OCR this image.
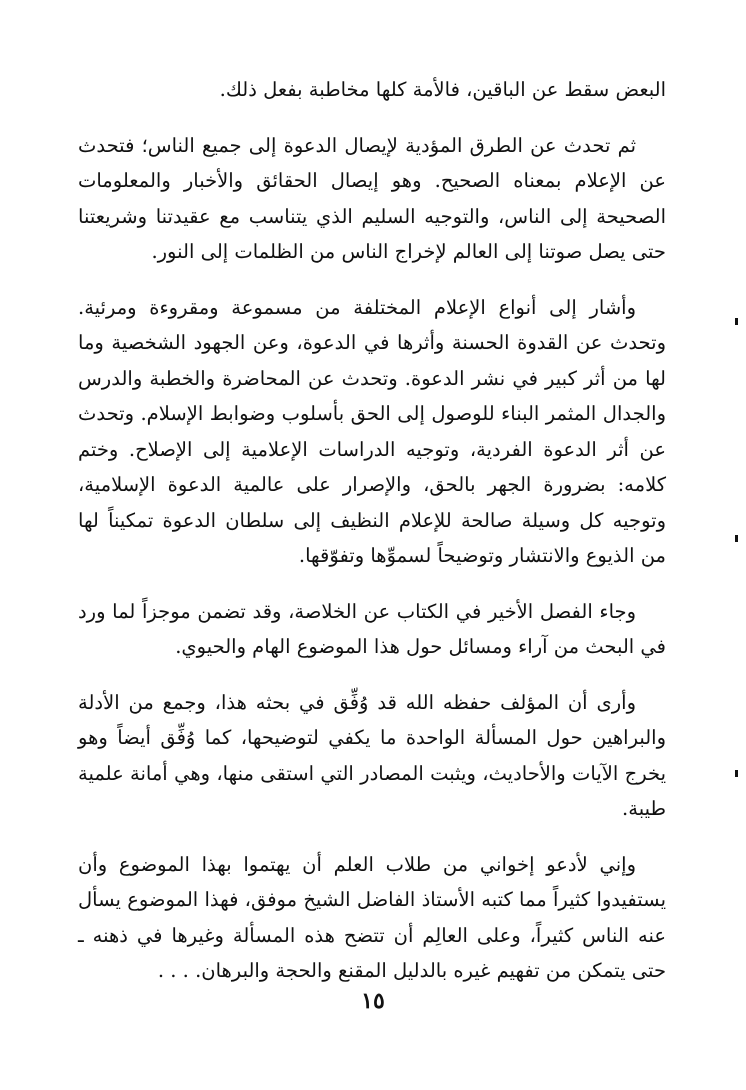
البعض سقط عن الباقين، فالأمة كلها مخاطبة بفعل ذلك.

ثم تحدث عن الطرق المؤدية لإيصال الدعوة إلى جميع الناس؛ فتحدث عن الإعلام بمعناه الصحيح. وهو إيصال الحقائق والأخبار والمعلومات الصحيحة إلى الناس، والتوجيه السليم الذي يتناسب مع عقيدتنا وشريعتنا حتى يصل صوتنا إلى العالم لإخراج الناس من الظلمات إلى النور.

وأشار إلى أنواع الإعلام المختلفة من مسموعة ومقروءة ومرئية. وتحدث عن القدوة الحسنة وأثرها في الدعوة، وعن الجهود الشخصية وما لها من أثر كبير في نشر الدعوة. وتحدث عن المحاضرة والخطبة والدرس والجدال المثمر البناء للوصول إلى الحق بأسلوب وضوابط الإسلام. وتحدث عن أثر الدعوة الفردية، وتوجيه الدراسات الإعلامية إلى الإصلاح. وختم كلامه: بضرورة الجهر بالحق، والإصرار على عالمية الدعوة الإسلامية، وتوجيه كل وسيلة صالحة للإعلام النظيف إلى سلطان الدعوة تمكيناً لها من الذيوع والانتشار وتوضيحاً لسموِّها وتفوّقها.

وجاء الفصل الأخير في الكتاب عن الخلاصة، وقد تضمن موجزاً لما ورد في البحث من آراء ومسائل حول هذا الموضوع الهام والحيوي.

وأرى أن المؤلف حفظه الله قد وُفِّق في بحثه هذا، وجمع من الأدلة والبراهين حول المسألة الواحدة ما يكفي لتوضيحها، كما وُفِّق أيضاً وهو يخرج الآيات والأحاديث، ويثبت المصادر التي استقى منها، وهي أمانة علمية طيبة.

وإني لأدعو إخواني من طلاب العلم أن يهتموا بهذا الموضوع وأن يستفيدوا كثيراً مما كتبه الأستاذ الفاضل الشيخ موفق، فهذا الموضوع يسأل عنه الناس كثيراً، وعلى العالِم أن تتضح هذه المسألة وغيرها في ذهنه ـ حتى يتمكن من تفهيم غيره بالدليل المقنع والحجة والبرهان. . . .

١٥
